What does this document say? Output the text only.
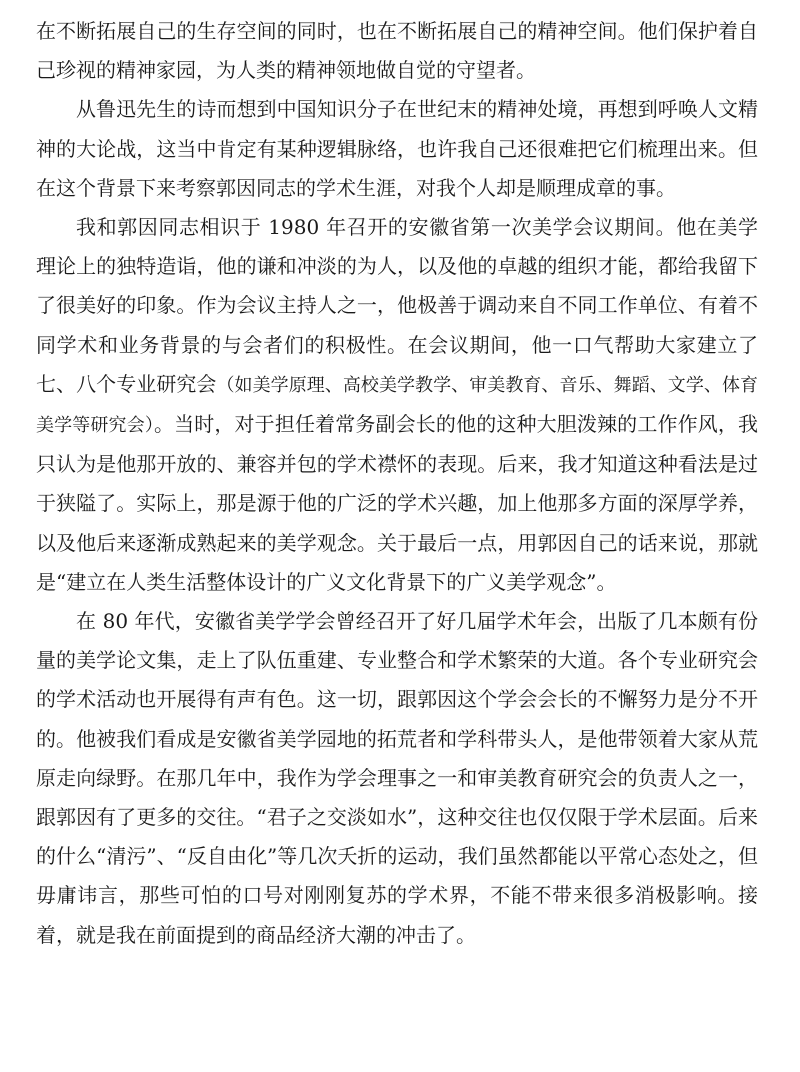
在不断拓展自己的生存空间的同时，也在不断拓展自己的精神空间。他们保护着自己珍视的精神家园，为人类的精神领地做自觉的守望者。

从鲁迅先生的诗而想到中国知识分子在世纪末的精神处境，再想到呼唤人文精神的大论战，这当中肯定有某种逻辑脉络，也许我自己还很难把它们梳理出来。但在这个背景下来考察郭因同志的学术生涯，对我个人却是顺理成章的事。

我和郭因同志相识于 1980 年召开的安徽省第一次美学会议期间。他在美学理论上的独特造诣，他的谦和冲淡的为人，以及他的卓越的组织才能，都给我留下了很美好的印象。作为会议主持人之一，他极善于调动来自不同工作单位、有着不同学术和业务背景的与会者们的积极性。在会议期间，他一口气帮助大家建立了七、八个专业研究会（如美学原理、高校美学教学、审美教育、音乐、舞蹈、文学、体育美学等研究会）。当时，对于担任着常务副会长的他的这种大胆泼辣的工作作风，我只认为是他那开放的、兼容并包的学术襟怀的表现。后来，我才知道这种看法是过于狭隘了。实际上，那是源于他的广泛的学术兴趣，加上他那多方面的深厚学养，以及他后来逐渐成熟起来的美学观念。关于最后一点，用郭因自己的话来说，那就是“建立在人类生活整体设计的广义文化背景下的广义美学观念”。

在 80 年代，安徽省美学学会曾经召开了好几届学术年会，出版了几本颇有份量的美学论文集，走上了队伍重建、专业整合和学术繁荣的大道。各个专业研究会的学术活动也开展得有声有色。这一切，跟郭因这个学会会长的不懈努力是分不开的。他被我们看成是安徽省美学园地的拓荒者和学科带头人，是他带领着大家从荒原走向绿野。在那几年中，我作为学会理事之一和审美教育研究会的负责人之一，跟郭因有了更多的交往。“君子之交淡如水”，这种交往也仅仅限于学术层面。后来的什么“清污”、“反自由化”等几次夭折的运动，我们虽然都能以平常心态处之，但毋庸讳言，那些可怕的口号对刚刚复苏的学术界，不能不带来很多消极影响。接着，就是我在前面提到的商品经济大潮的冲击了。
